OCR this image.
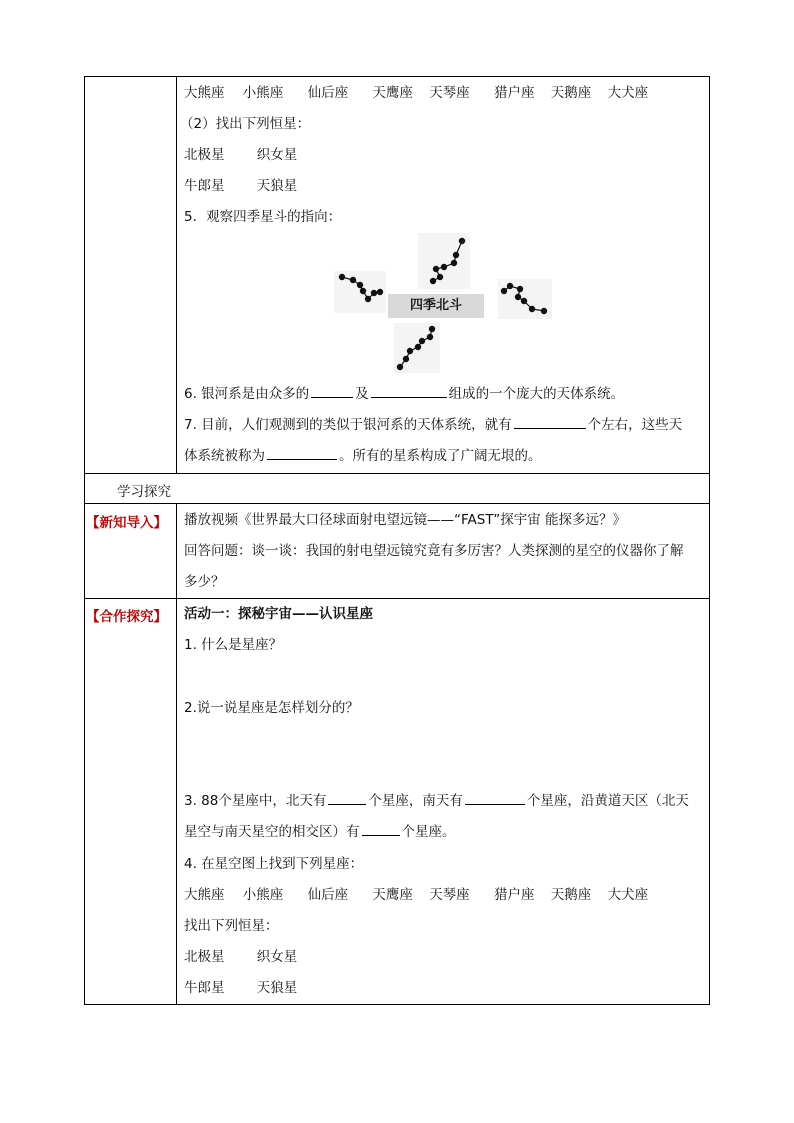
大熊座 小熊座 仙后座 天鹰座 天琴座 猎户座 天鹅座 大犬座
（2）找出下列恒星：
北极星 织女星
牛郎星 天狼星
5．观察四季星斗的指向：
四季北斗
6. 银河系是由众多的	及	组成的一个庞大的天体系统。
7. 目前，人们观测到的类似于银河系的天体系统，就有	个左右，这些天
体系统被称为	。所有的星系构成了广阔无垠的。
学习探究
【新知导入】 播放视频《世界最大口径球面射电望远镜——“FAST”探宇宙 能探多远？》
回答问题：谈一谈：我国的射电望远镜究竟有多厉害？人类探测的星空的仪器你了解
多少？
【合作探究】 活动一：探秘宇宙——认识星座
1. 什么是星座？
2.说一说星座是怎样划分的？
3. 88个星座中，北天有	个星座，南天有	个星座，沿黄道天区（北天
星空与南天星空的相交区）有	个星座。
4. 在星空图上找到下列星座：
大熊座 小熊座 仙后座 天鹰座 天琴座 猎户座 天鹅座 大犬座
找出下列恒星：
北极星 织女星
牛郎星 天狼星
